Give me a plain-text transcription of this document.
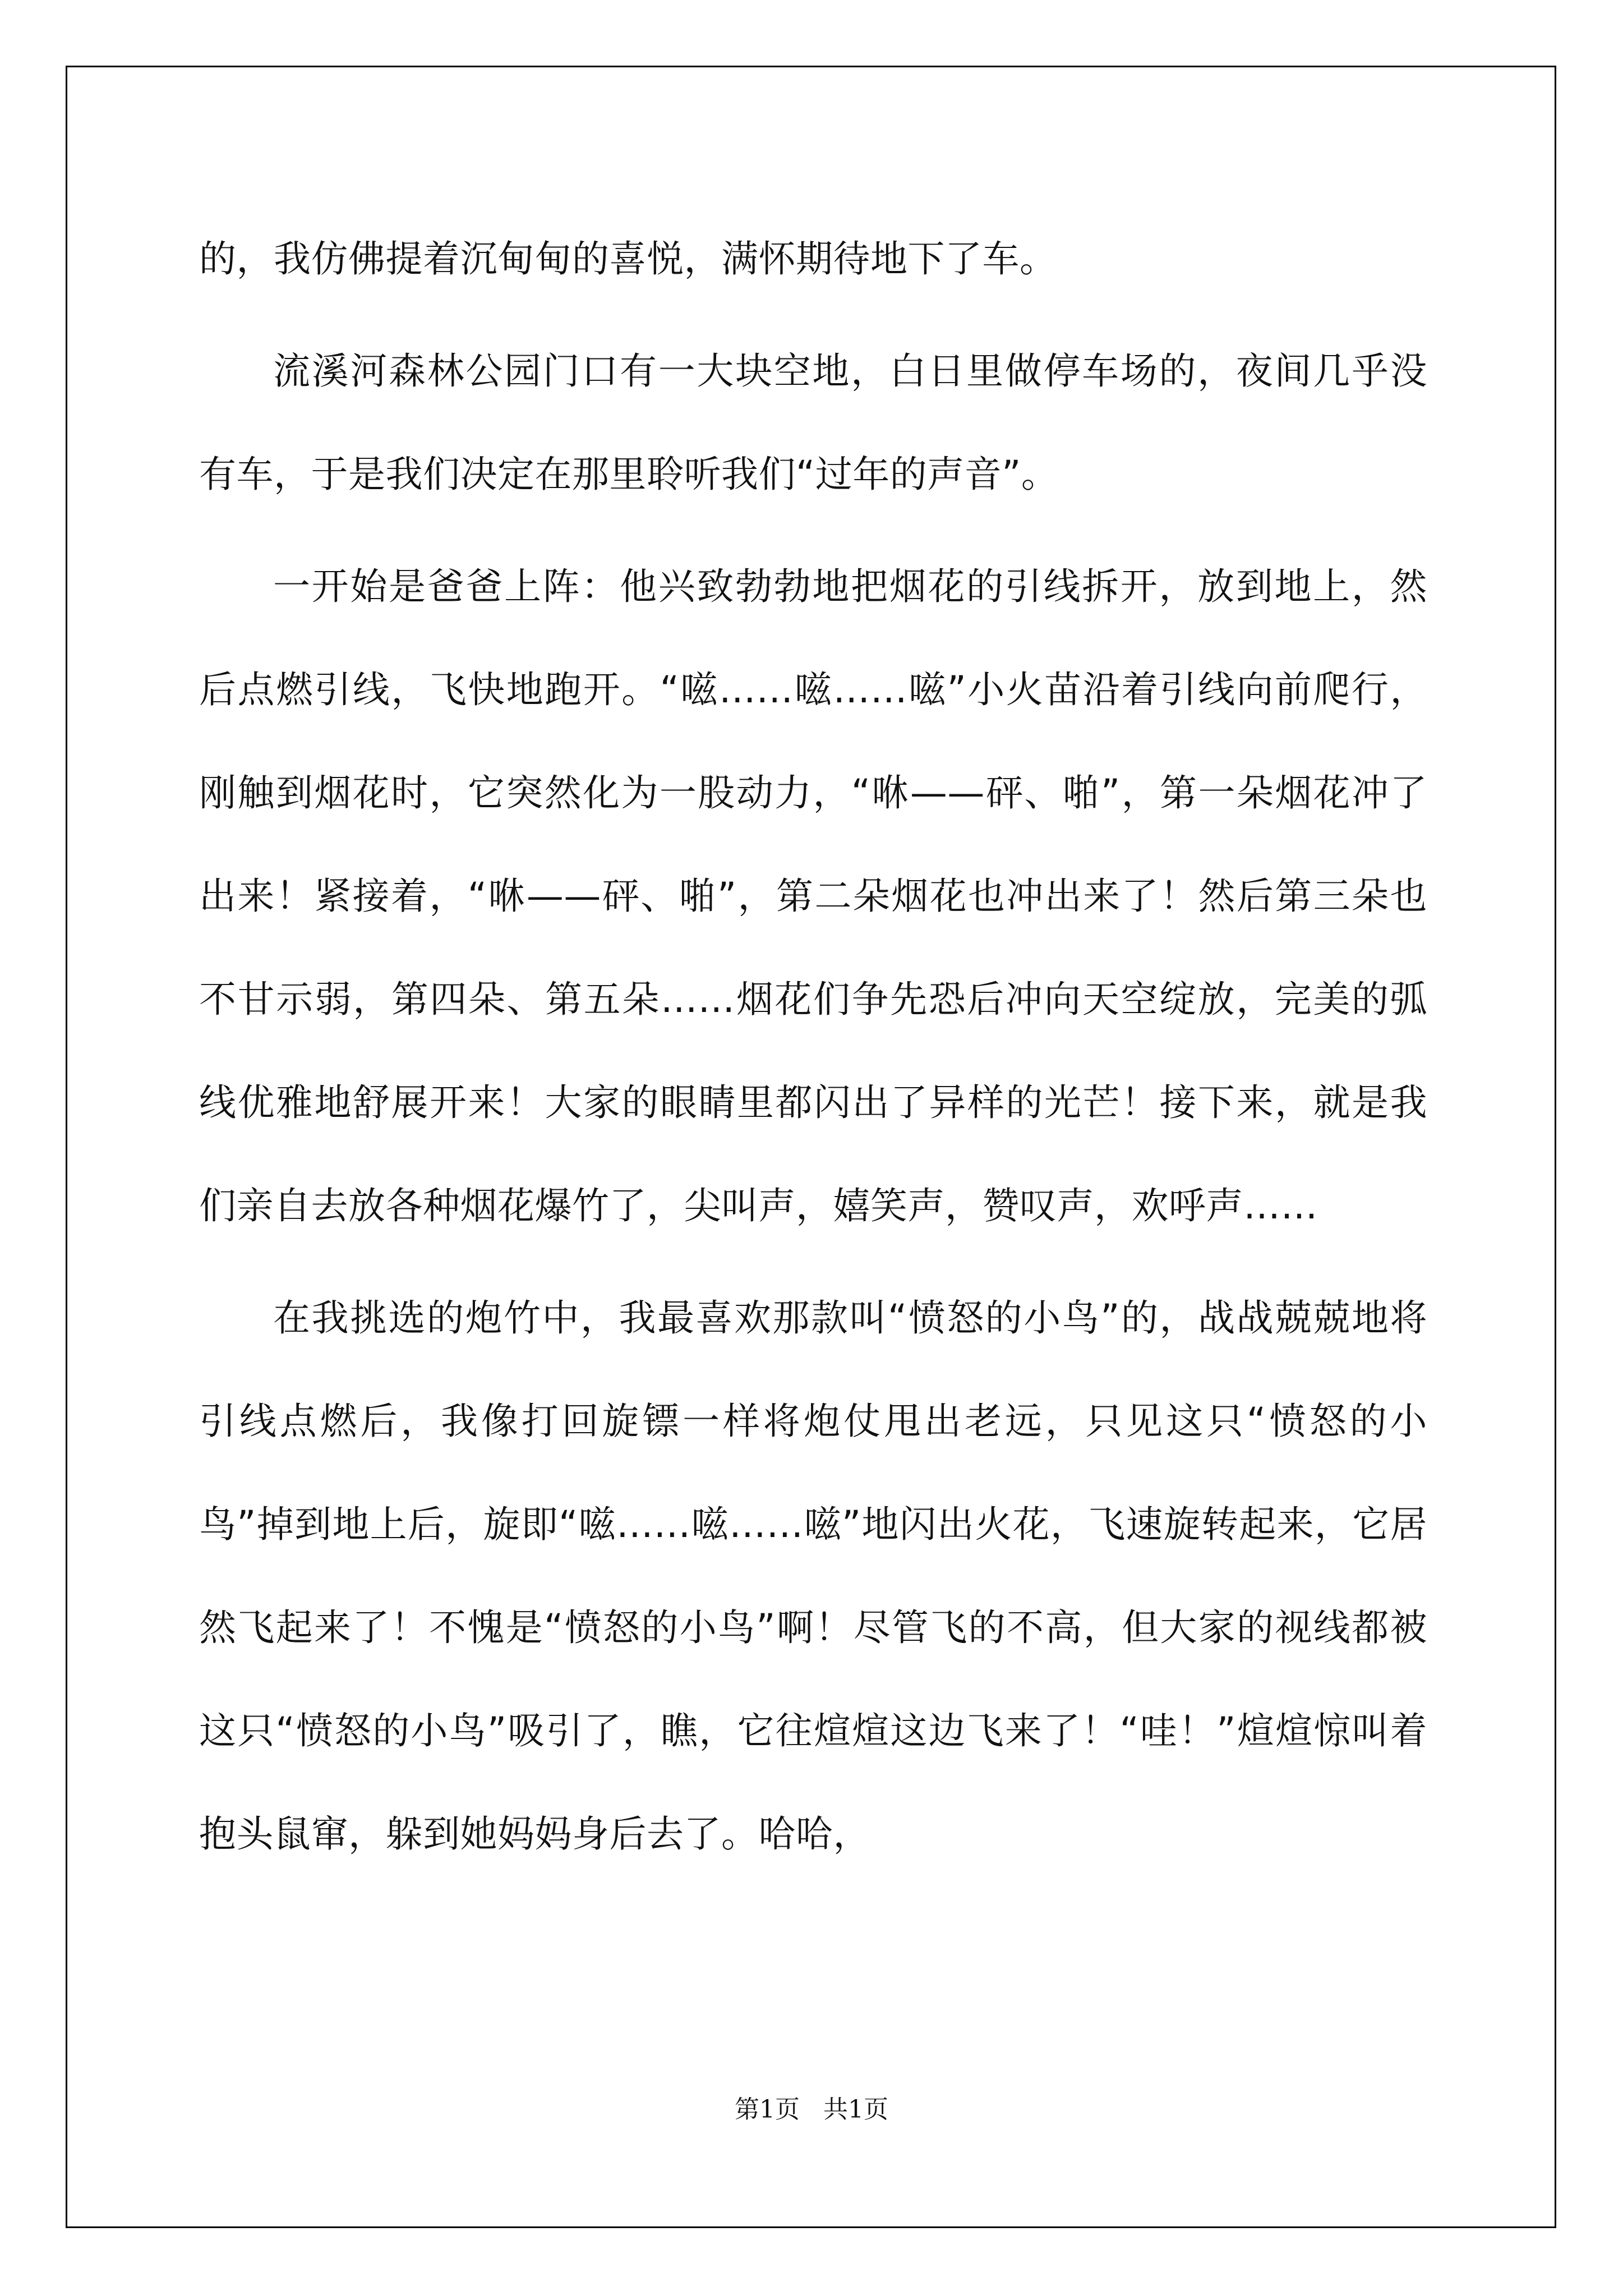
的，我仿佛提着沉甸甸的喜悦，满怀期待地下了车。

流溪河森林公园门口有一大块空地，白日里做停车场的，夜间几乎没有车，于是我们决定在那里聆听我们“过年的声音”。

一开始是爸爸上阵：他兴致勃勃地把烟花的引线拆开，放到地上，然后点燃引线，飞快地跑开。“嗞……嗞……嗞”小火苗沿着引线向前爬行，刚触到烟花时，它突然化为一股动力，“咻——砰、啪”，第一朵烟花冲了出来！紧接着，“咻——砰、啪”，第二朵烟花也冲出来了！然后第三朵也不甘示弱，第四朵、第五朵……烟花们争先恐后冲向天空绽放，完美的弧线优雅地舒展开来！大家的眼睛里都闪出了异样的光芒！接下来，就是我们亲自去放各种烟花爆竹了，尖叫声，嬉笑声，赞叹声，欢呼声……

在我挑选的炮竹中，我最喜欢那款叫“愤怒的小鸟”的，战战兢兢地将引线点燃后，我像打回旋镖一样将炮仗甩出老远，只见这只“愤怒的小鸟”掉到地上后，旋即“嗞……嗞……嗞”地闪出火花，飞速旋转起来，它居然飞起来了！不愧是“愤怒的小鸟”啊！尽管飞的不高，但大家的视线都被这只“愤怒的小鸟”吸引了，瞧，它往煊煊这边飞来了！“哇！”煊煊惊叫着抱头鼠窜，躲到她妈妈身后去了。哈哈，

第1页   共1页
